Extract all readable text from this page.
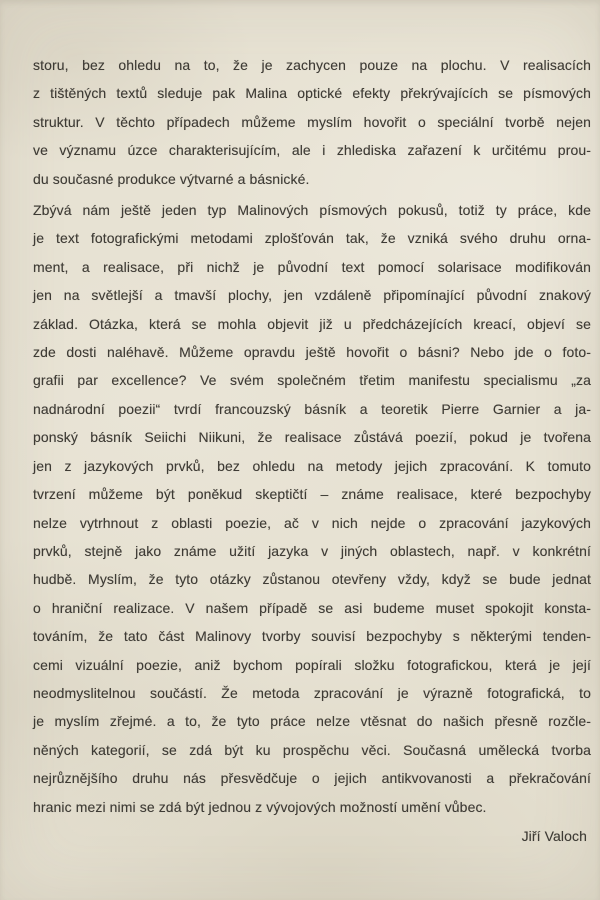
storu, bez ohledu na to, že je zachycen pouze na plochu. V realisacích
z tištěných textů sleduje pak Malina optické efekty překrývajících se písmových
struktur. V těchto případech můžeme myslím hovořit o speciální tvorbě nejen
ve významu úzce charakterisujícím, ale i zhlediska zařazení k určitému prou-
du současné produkce výtvarné a básnické.
Zbývá nám ještě jeden typ Malinových písmových pokusů, totiž ty práce, kde
je text fotografickými metodami zplošťován tak, že vzniká svého druhu orna-
ment, a realisace, při nichž je původní text pomocí solarisace modifikován
jen na světlejší a tmavší plochy, jen vzdáleně připomínající původní znakový
základ. Otázka, která se mohla objevit již u předcházejících kreací, objeví se
zde dosti naléhavě. Můžeme opravdu ještě hovořit o básni? Nebo jde o foto-
grafii par excellence? Ve svém společném třetim manifestu specialismu „za
nadnárodní poezii“ tvrdí francouzský básník a teoretik Pierre Garnier a ja-
ponský básník Seiichi Niikuni, že realisace zůstává poezií, pokud je tvořena
jen z jazykových prvků, bez ohledu na metody jejich zpracování. K tomuto
tvrzení můžeme být poněkud skeptičtí – známe realisace, které bezpochyby
nelze vytrhnout z oblasti poezie, ač v nich nejde o zpracování jazykových
prvků, stejně jako známe užití jazyka v jiných oblastech, např. v konkrétní
hudbě. Myslím, že tyto otázky zůstanou otevřeny vždy, když se bude jednat
o hraniční realizace. V našem případě se asi budeme muset spokojit konsta-
továním, že tato část Malinovy tvorby souvisí bezpochyby s některými tenden-
cemi vizuální poezie, aniž bychom popírali složku fotografickou, která je její
neodmyslitelnou součástí. Že metoda zpracování je výrazně fotografická, to
je myslím zřejmé. a to, že tyto práce nelze vtěsnat do našich přesně rozčle-
něných kategorií, se zdá být ku prospěchu věci. Současná umělecká tvorba
nejrůznějšího druhu nás přesvědčuje o jejich antikvovanosti a překračování
hranic mezi nimi se zdá být jednou z vývojových možností umění vůbec.
Jiří Valoch
